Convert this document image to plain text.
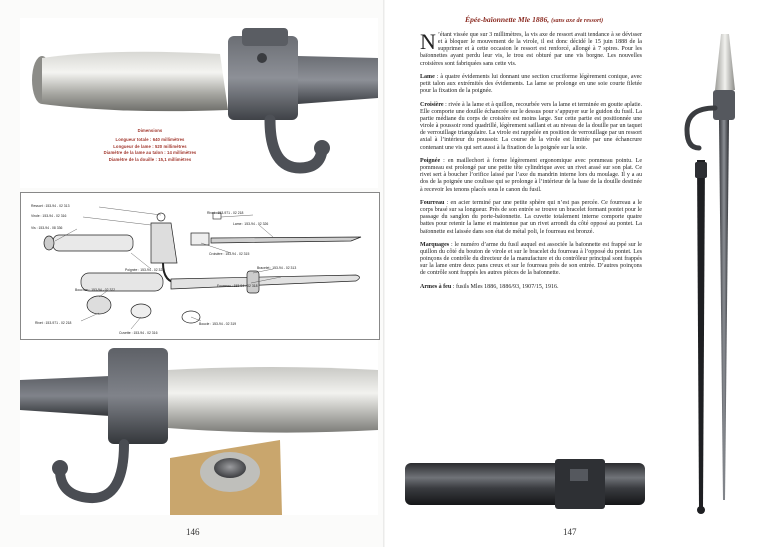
Dimensions
Longueur totale : 640 millimètres
Longueur de lame : 520 millimètres
Diamètre de la lame au talon : 14 millimètres
Diamètre de la douille : 15,1 millimètres
Ressort : 153-94 - 02 313
Virole : 153-94 - 02 316
Vis : 153-94 - 08 336
Rivet : 153-971 - 02 218
Lame : 153-94 - 02 326
Croisière : 153-94 - 02 315
Poignée : 153-94 - 02 328
Bouchon : 153-94 - 02 322
Bracelet : 153-94 - 02 313
Fourreau : 153-94 - 02 318
Rivet : 153-971 - 02 218	Boucle : 153-94 - 02 319
Cuvette : 153-94 - 02 316
146
Épée-baïonnette Mle 1886, (sans axe de ressort)

N ’étant vissée que sur 3 millimètres, la vis axe de ressort avait tendance à se dévisser et à bloquer le mouvement de la virole, il est donc décidé le 15 juin 1888 de la supprimer et à cette occasion le ressort est renforcé, allongé à 7 spires. Pour les baïonnettes ayant perdu leur vis, le trou est obturé par une vis borgne. Les nouvelles croisières sont fabriquées sans cette vis.

Lame : à quatre évidements lui donnant une section cruciforme légèrement conique, avec petit talon aux extrémités des évidements. La lame se prolonge en une soie courte filetée pour la fixation de la poignée.

Croisière : rivée à la lame et à quillon, recourbée vers la lame et terminée en goutte aplatie. Elle comporte une douille échancrée sur le dessus pour s’appuyer sur le guidon du fusil. La partie médiane du corps de croisière est moins large. Sur cette partie est positionnée une virole à poussoir rond quadrillé, légèrement saillant et au niveau de la douille par un taquet de verrouillage triangulaire. La virole est rappelée en position de verrouillage par un ressort axial à l’intérieur du poussoir. La course de la virole est limitée par une échancrure contenant une vis qui sert aussi à la fixation de la poignée sur la soie.

Poignée : en maillechort à forme légèrement ergonomique avec pommeau pointu. Le pommeau est prolongé par une petite tête cylindrique avec un rivet arasé sur son plat. Ce rivet sert à boucher l’orifice laissé par l’axe du mandrin interne lors du moulage. Il y a au dos de la poignée une coulisse qui se prolonge à l’intérieur de la base de la douille destinée à recevoir les tenons placés sous le canon du fusil.

Fourreau : en acier terminé par une petite sphère qui n’est pas percée. Ce fourreau a le corps brasé sur sa longueur. Près de son entrée se trouve un bracelet formant pontet pour le passage du sanglon du porte-baïonnette. La cuvette totalement interne comporte quatre battes pour retenir la lame et maintenue par un rivet arrondi du côté opposé au pontet. La baïonnette est laissée dans son état de métal poli, le fourreau est bronzé.

Marquages : le numéro d’arme du fusil auquel est associée la baïonnette est frappé sur le quillon du côté du bouton de virole et sur le bracelet du fourreau à l’opposé du pontet. Les poinçons de contrôle du directeur de la manufacture et du contrôleur principal sont frappés sur la lame entre deux pans creux et sur le fourreau près de son entrée. D’autres poinçons de contrôle sont frappés les autres pièces de la baïonnette.

Armes à feu : fusils Mles 1886, 1886/93, 1907/15, 1916.

147
